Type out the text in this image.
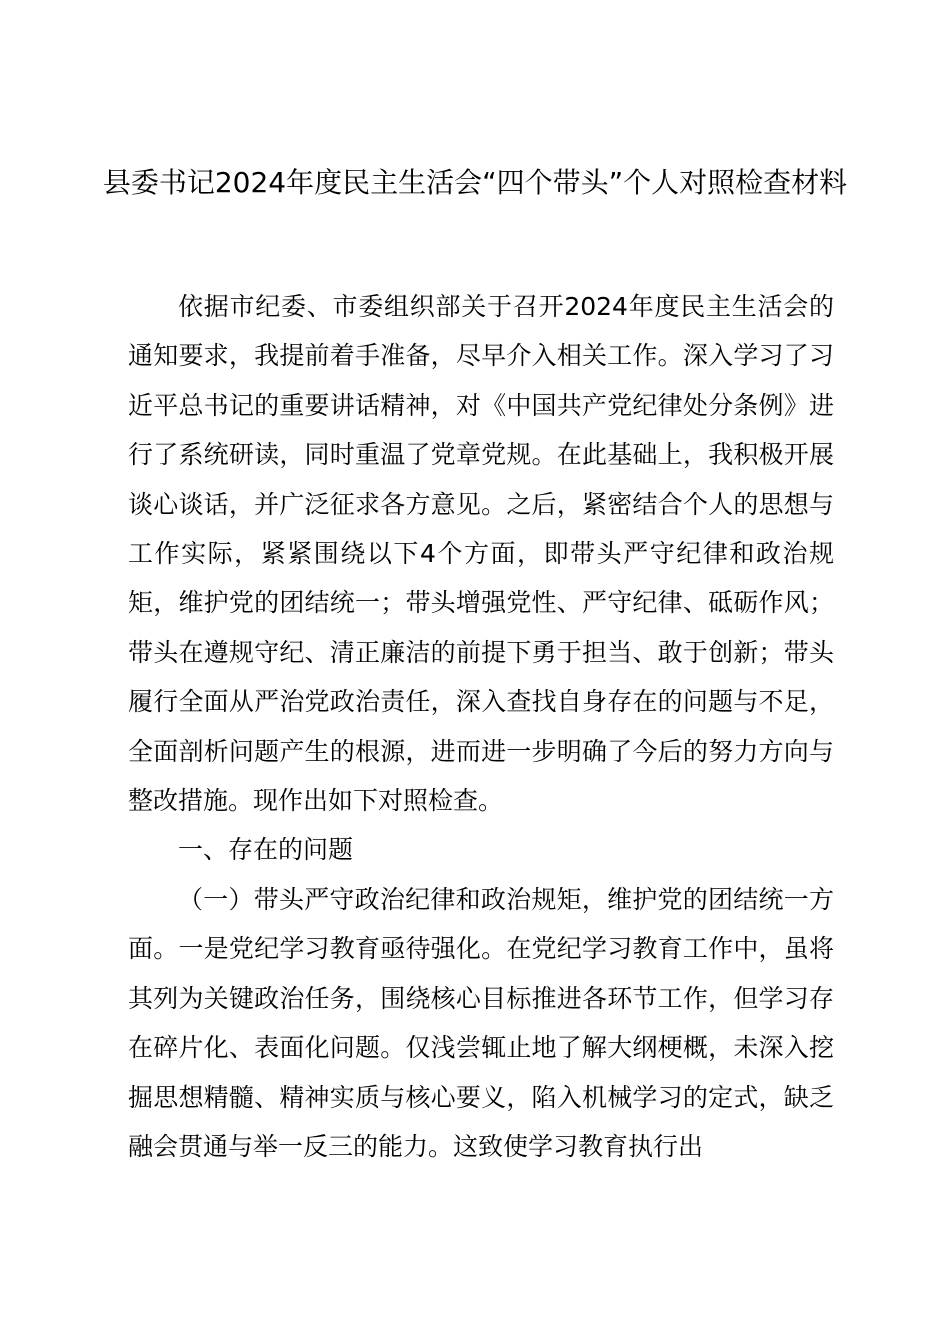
县委书记2024年度民主生活会“四个带头”个人对照检查材料

依据市纪委、市委组织部关于召开2024年度民主生活会的通知要求，我提前着手准备，尽早介入相关工作。深入学习了习近平总书记的重要讲话精神，对《中国共产党纪律处分条例》进行了系统研读，同时重温了党章党规。在此基础上，我积极开展谈心谈话，并广泛征求各方意见。之后，紧密结合个人的思想与工作实际，紧紧围绕以下4个方面，即带头严守纪律和政治规矩，维护党的团结统一；带头增强党性、严守纪律、砥砺作风；带头在遵规守纪、清正廉洁的前提下勇于担当、敢于创新；带头履行全面从严治党政治责任，深入查找自身存在的问题与不足，全面剖析问题产生的根源，进而进一步明确了今后的努力方向与整改措施。现作出如下对照检查。

一、存在的问题

（一）带头严守政治纪律和政治规矩，维护党的团结统一方面。一是党纪学习教育亟待强化。在党纪学习教育工作中，虽将其列为关键政治任务，围绕核心目标推进各环节工作，但学习存在碎片化、表面化问题。仅浅尝辄止地了解大纲梗概，未深入挖掘思想精髓、精神实质与核心要义，陷入机械学习的定式，缺乏融会贯通与举一反三的能力。这致使学习教育执行出
